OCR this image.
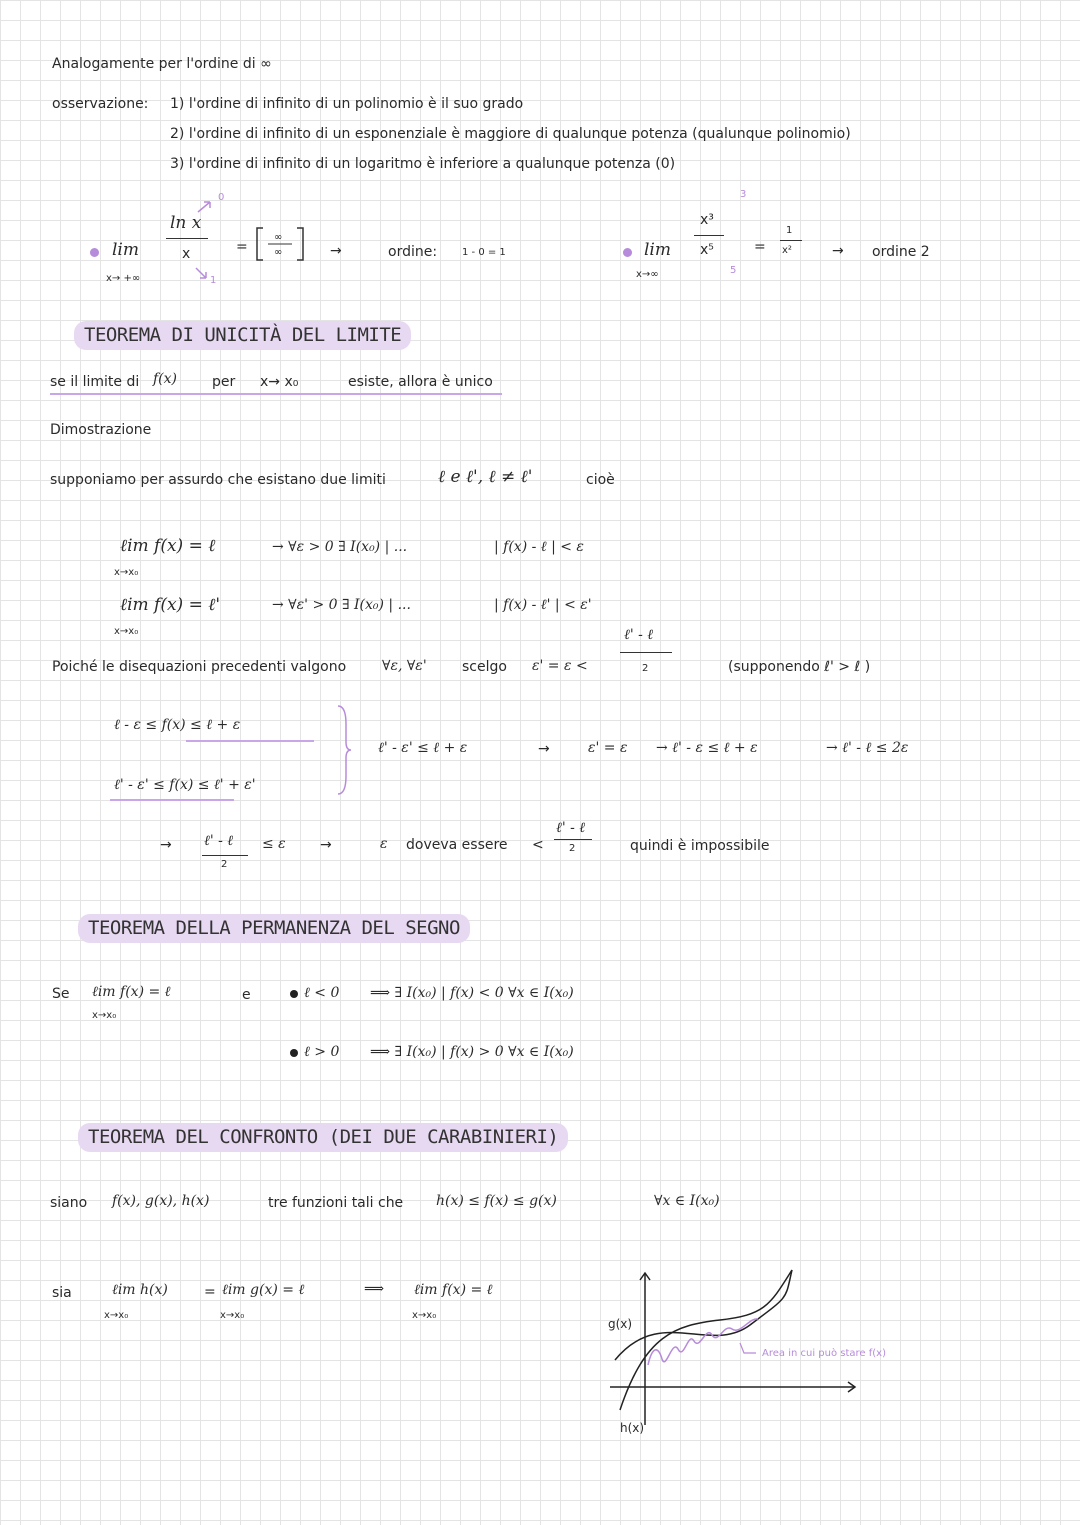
Analogamente per l'ordine di ∞
osservazione: 1) l'ordine di infinito di un polinomio è il suo grado
2) l'ordine di infinito di un esponenziale è maggiore di qualunque potenza (qualunque polinomio)
3) l'ordine di infinito di un logaritmo è inferiore a qualunque potenza (0)
lim
x→ +∞
ln x
x
0
1
=
∞
∞	→	ordine: 1 - 0 = 1	lim
x→∞
x³
x⁵
3
5
=
1
x²	→ ordine 2
TEOREMA DI UNICITÀ DEL LIMITE
se il limite di f(x) per x→ x₀	esiste, allora è unico
Dimostrazione
supponiamo per assurdo che esistano due limiti	ℓ e ℓ', ℓ ≠ ℓ'	cioè
ℓim f(x) = ℓ
x→x₀
→ ∀ε > 0 ∃ I(x₀) | ...	| f(x) - ℓ | < ε
ℓim f(x) = ℓ'
x→x₀
→ ∀ε' > 0 ∃ I(x₀) | ...	| f(x) - ℓ' | < ε'
Poiché le disequazioni precedenti valgono	∀ε, ∀ε'	scelgo ε' = ε <
ℓ' - ℓ
2	(supponendo ℓ' > ℓ )
ℓ - ε ≤ f(x) ≤ ℓ + ε
ℓ' - ε' ≤ f(x) ≤ ℓ' + ε'
ℓ' - ε' ≤ ℓ + ε	→	ε' = ε → ℓ' - ε ≤ ℓ + ε	→ ℓ' - ℓ ≤ 2ε
→ ℓ' - ℓ
2
≤ ε →	ε doveva essere <
ℓ' - ℓ
2	quindi è impossibile
TEOREMA DELLA PERMANENZA DEL SEGNO
Se ℓim f(x) = ℓ
x→x₀
e	ℓ < 0 ⟹ ∃ I(x₀) | f(x) < 0 ∀x ∈ I(x₀)
ℓ > 0 ⟹ ∃ I(x₀) | f(x) > 0 ∀x ∈ I(x₀)
TEOREMA DEL CONFRONTO (DEI DUE CARABINIERI)
siano f(x), g(x), h(x)	tre funzioni tali che h(x) ≤ f(x) ≤ g(x)	∀x ∈ I(x₀)
sia	ℓim h(x)
x→x₀
= ℓim g(x) = ℓ
x→x₀
⟹ ℓim f(x) = ℓ
x→x₀
g(x)
h(x)
Area in cui può stare f(x)
